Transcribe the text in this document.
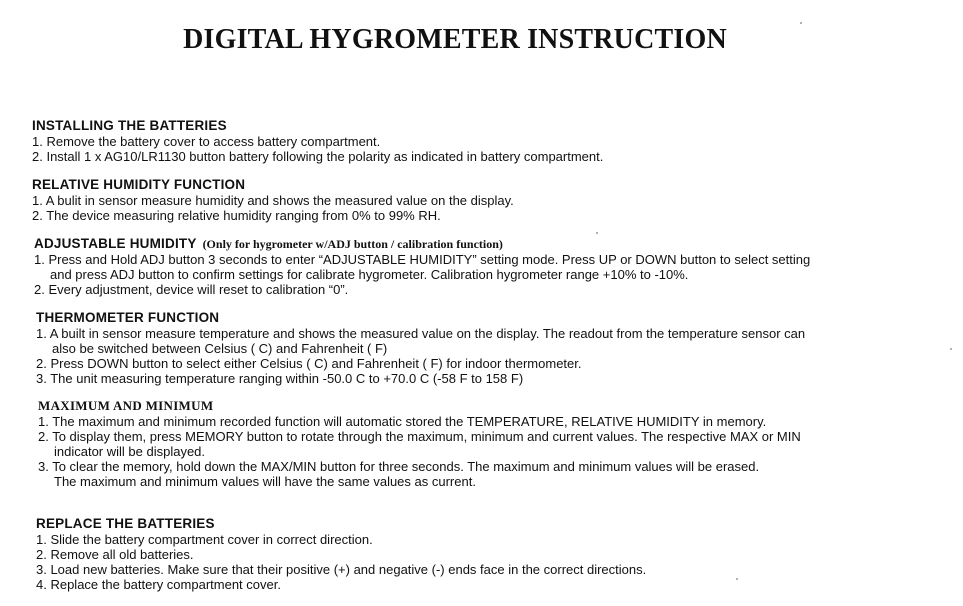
DIGITAL HYGROMETER INSTRUCTION
INSTALLING THE BATTERIES
1. Remove the battery cover to access battery compartment.
2. Install 1 x AG10/LR1130 button battery following the polarity as indicated in battery compartment.
RELATIVE HUMIDITY FUNCTION
1. A bulit in sensor measure humidity and shows the measured value on the display.
2. The device measuring relative humidity ranging from 0% to 99% RH.
ADJUSTABLE HUMIDITY (Only for hygrometer w/ADJ button / calibration function)
1. Press and Hold ADJ button 3 seconds to enter “ADJUSTABLE HUMIDITY” setting mode. Press UP or DOWN button to select setting
and press ADJ button to confirm settings for calibrate hygrometer. Calibration hygrometer range +10% to -10%.
2. Every adjustment, device will reset to calibration “0”.
THERMOMETER FUNCTION
1. A built in sensor measure temperature and shows the measured value on the display. The readout from the temperature sensor can
also be switched between Celsius ( C) and Fahrenheit ( F)
2. Press DOWN button to select either Celsius ( C) and Fahrenheit ( F) for indoor thermometer.
3. The unit measuring temperature ranging within -50.0 C to +70.0 C (-58 F to 158 F)
MAXIMUM AND MINIMUM
1. The maximum and minimum recorded function will automatic stored the TEMPERATURE, RELATIVE HUMIDITY in memory.
2. To display them, press MEMORY button to rotate through the maximum, minimum and current values. The respective MAX or MIN
indicator will be displayed.
3. To clear the memory, hold down the MAX/MIN button for three seconds. The maximum and minimum values will be erased.
The maximum and minimum values will have the same values as current.
REPLACE THE BATTERIES
1. Slide the battery compartment cover in correct direction.
2. Remove all old batteries.
3. Load new batteries. Make sure that their positive (+) and negative (-) ends face in the correct directions.
4. Replace the battery compartment cover.
